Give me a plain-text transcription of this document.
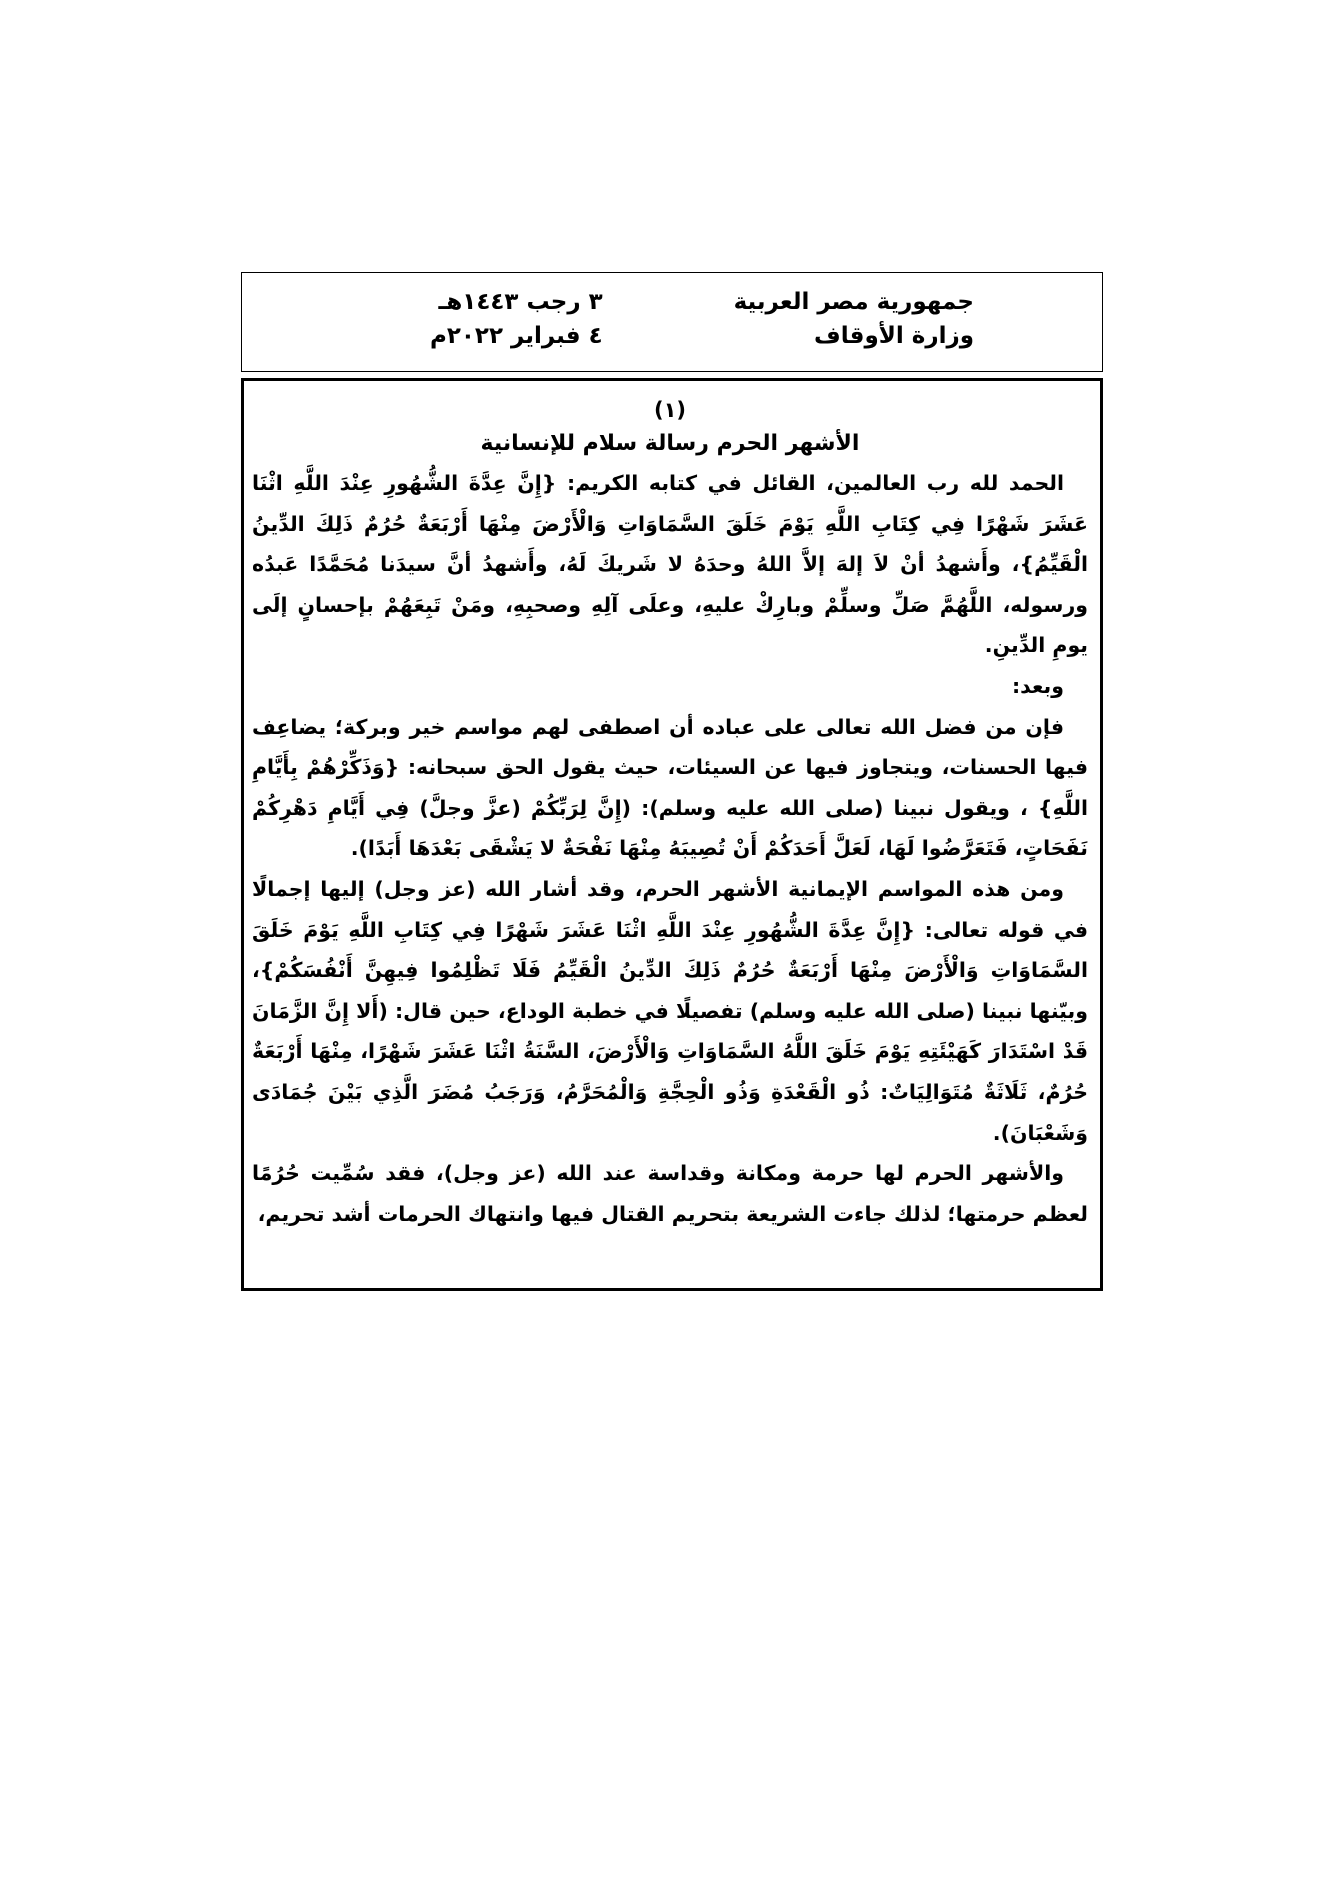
جمهورية مصر العربية
وزارة الأوقاف
٣ رجب ١٤٤٣هـ
٤ فبراير ٢٠٢٢م
(١)
الأشهر الحرم رسالة سلام للإنسانية

الحمد لله رب العالمين، القائل في كتابه الكريم: {إِنَّ عِدَّةَ الشُّهُورِ عِنْدَ اللَّهِ اثْنَا عَشَرَ شَهْرًا فِي كِتَابِ اللَّهِ يَوْمَ خَلَقَ السَّمَاوَاتِ وَالْأَرْضَ مِنْهَا أَرْبَعَةٌ حُرُمٌ ذَلِكَ الدِّينُ الْقَيِّمُ}، وأَشهدُ أنْ لاَ إلهَ إلاَّ اللهُ وحدَهُ لا شَريكَ لَهُ، وأَشهدُ أنَّ سيدَنا مُحَمَّدًا عَبدُه ورسوله، اللَّهُمَّ صَلِّ وسلِّمْ وبارِكْ عليهِ، وعلَى آلِهِ وصحبِهِ، ومَنْ تَبِعَهُمْ بإحسانٍ إلَى يومِ الدِّينِ.

وبعد:

فإن من فضل الله تعالى على عباده أن اصطفى لهم مواسم خير وبركة؛ يضاعِف فيها الحسنات، ويتجاوز فيها عن السيئات، حيث يقول الحق سبحانه: {وَذَكِّرْهُمْ بِأَيَّامِ اللَّهِ} ، ويقول نبينا (صلى الله عليه وسلم): (إِنَّ لِرَبِّكُمْ (عزَّ وجلَّ) فِي أَيَّامِ دَهْرِكُمْ نَفَحَاتٍ، فَتَعَرَّضُوا لَهَا، لَعَلَّ أَحَدَكُمْ أَنْ تُصِيبَهُ مِنْهَا نَفْحَةٌ لا يَشْقَى بَعْدَهَا أَبَدًا).

ومن هذه المواسم الإيمانية الأشهر الحرم، وقد أشار الله (عز وجل) إليها إجمالًا في قوله تعالى: {إِنَّ عِدَّةَ الشُّهُورِ عِنْدَ اللَّهِ اثْنَا عَشَرَ شَهْرًا فِي كِتَابِ اللَّهِ يَوْمَ خَلَقَ السَّمَاوَاتِ وَالْأَرْضَ مِنْهَا أَرْبَعَةٌ حُرُمٌ ذَلِكَ الدِّينُ الْقَيِّمُ فَلَا تَظْلِمُوا فِيهِنَّ أَنْفُسَكُمْ}، وبيّنها نبينا (صلى الله عليه وسلم) تفصيلًا في خطبة الوداع، حين قال: (أَلا إِنَّ الزَّمَانَ قَدْ اسْتَدَارَ كَهَيْئَتِهِ يَوْمَ خَلَقَ اللَّهُ السَّمَاوَاتِ وَالْأَرْضَ، السَّنَةُ اثْنَا عَشَرَ شَهْرًا، مِنْهَا أَرْبَعَةٌ حُرُمٌ، ثَلَاثَةٌ مُتَوَالِيَاتٌ: ذُو الْقَعْدَةِ وَذُو الْحِجَّةِ وَالْمُحَرَّمُ، وَرَجَبُ مُضَرَ الَّذِي بَيْنَ جُمَادَى وَشَعْبَانَ).

والأشهر الحرم لها حرمة ومكانة وقداسة عند الله (عز وجل)، فقد سُمِّيت حُرُمًا لعظم حرمتها؛ لذلك جاءت الشريعة بتحريم القتال فيها وانتهاك الحرمات أشد تحريم،
